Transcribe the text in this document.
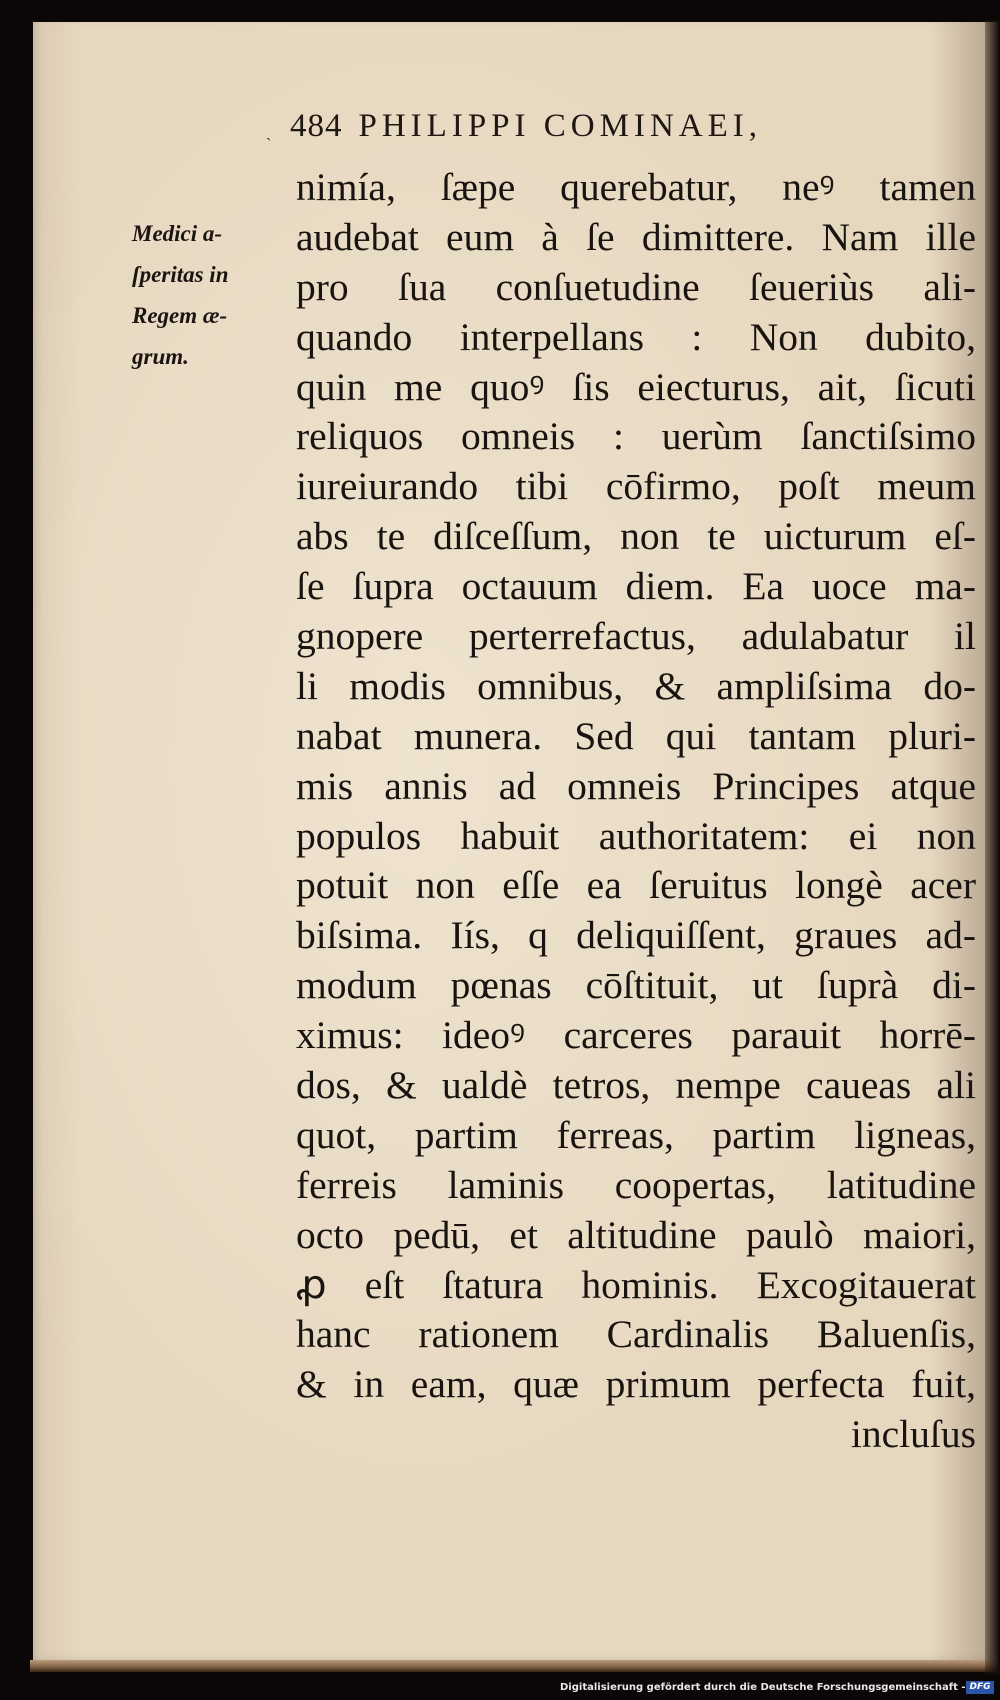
ˎ 484 PHILIPPI COMINAEI,
Medici a-
ſperitas in
Regem æ-
grum.
nimía, ſæpe querebatur, neꝰ tamen
audebat eum à ſe dimittere. Nam ille
pro ſua conſuetudine ſeueriùs ali-
quando interpellans : Non dubito,
quin me quoꝰ ſis eiecturus, ait, ſicuti
reliquos omneis : uerùm ſanctiſsimo
iureiurando tibi cōfirmo, poſt meum
abs te diſceſſum, non te uicturum eſ-
ſe ſupra octauum diem. Ea uoce ma-
gnopere perterrefactus, adulabatur il
li modis omnibus, & ampliſsima do-
nabat munera. Sed qui tantam pluri-
mis annis ad omneis Principes atque
populos habuit authoritatem: ei non
potuit non eſſe ea ſeruitus longè acer
biſsima. Iís, q deliquiſſent, graues ad-
modum pœnas cōſtituit, ut ſuprà di-
ximus: ideoꝰ carceres parauit horrē-
dos, & ualdè tetros, nempe caueas ali
quot, partim ferreas, partim ligneas,
ferreis laminis coopertas, latitudine
octo pedū, et altitudine paulò maiori,
ꝓ eſt ſtatura hominis. Excogitauerat
hanc rationem Cardinalis Baluenſis,
& in eam, quæ primum perfecta fuit,
incluſus
Digitalisierung gefördert durch die Deutsche Forschungsgemeinschaft - DFG
